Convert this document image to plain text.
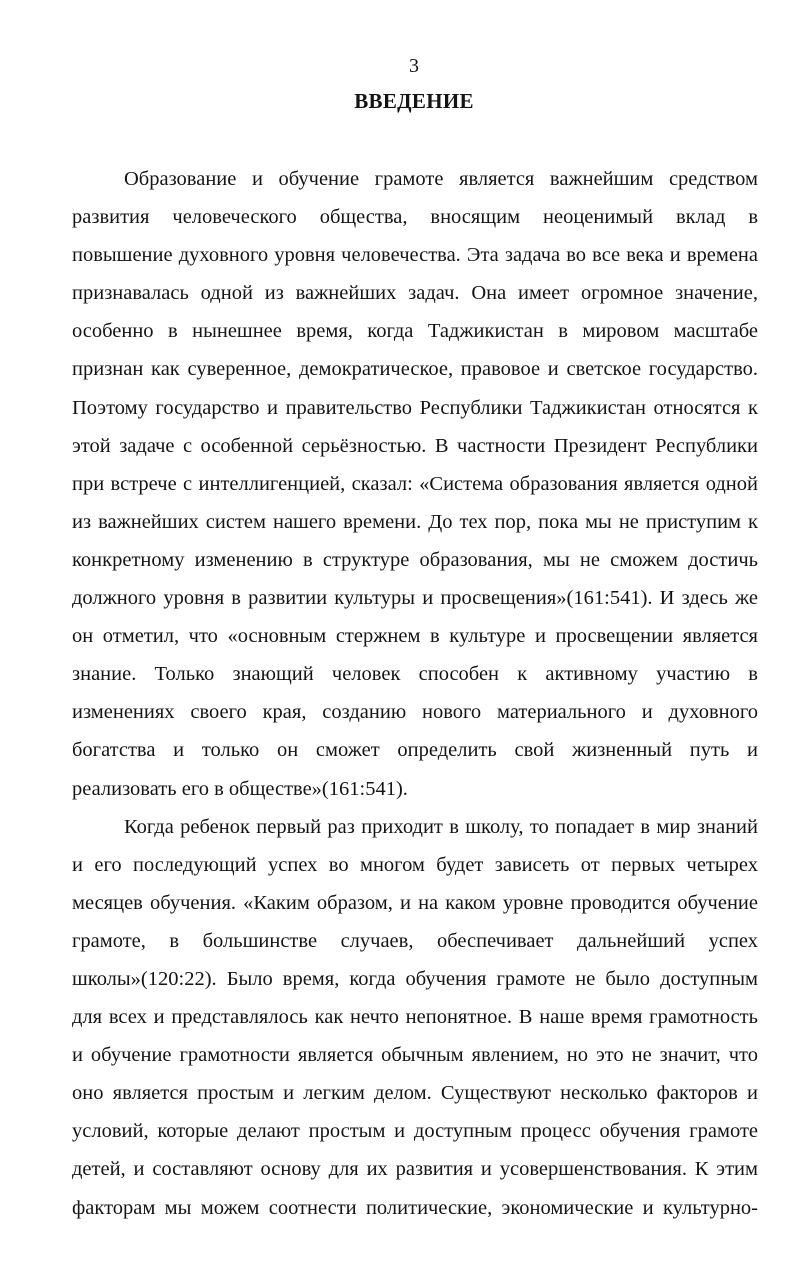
3
ВВЕДЕНИЕ
Образование и обучение грамоте является важнейшим средством
развития человеческого общества, вносящим неоценимый вклад в
повышение духовного уровня человечества. Эта задача во все века и времена
признавалась одной из важнейших задач. Она имеет огромное значение,
особенно в нынешнее время, когда Таджикистан в мировом масштабе
признан как суверенное, демократическое, правовое и светское государство.
Поэтому государство и правительство Республики Таджикистан относятся к
этой задаче с особенной серьёзностью. В частности Президент Республики
при встрече с интеллигенцией, сказал: «Система образования является одной
из важнейших систем нашего времени. До тех пор, пока мы не приступим к
конкретному изменению в структуре образования, мы не сможем достичь
должного уровня в развитии культуры и просвещения»(161:541). И здесь же
он отметил, что «основным стержнем в культуре и просвещении является
знание. Только знающий человек способен к активному участию в
изменениях своего края, созданию нового материального и духовного
богатства и только он сможет определить свой жизненный путь и
реализовать его в обществе»(161:541).
Когда ребенок первый раз приходит в школу, то попадает в мир знаний
и его последующий успех во многом будет зависеть от первых четырех
месяцев обучения. «Каким образом, и на каком уровне проводится обучение
грамоте, в большинстве случаев, обеспечивает дальнейший успех
школы»(120:22). Было время, когда обучения грамоте не было доступным
для всех и представлялось как нечто непонятное. В наше время грамотность
и обучение грамотности является обычным явлением, но это не значит, что
оно является простым и легким делом. Существуют несколько факторов и
условий, которые делают простым и доступным процесс обучения грамоте
детей, и составляют основу для их развития и усовершенствования. К этим
факторам мы можем соотнести политические, экономические и культурно-
